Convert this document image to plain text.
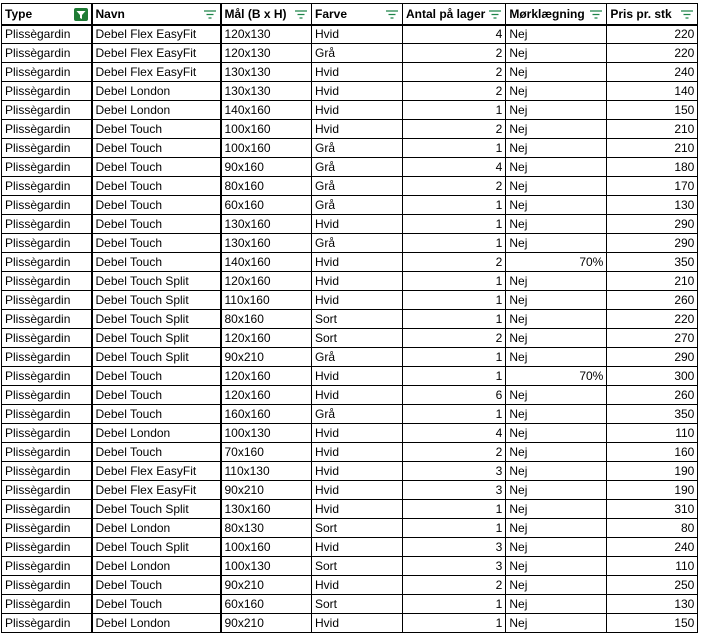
Type	Navn	Mål (B x H)	Farve	Antal på lager	Mørklægning	Pris pr. stk

Plissègardin	Debel Flex EasyFit	120x130	Hvid	4	Nej	220
Plissègardin	Debel Flex EasyFit	120x130	Grå	2	Nej	220
Plissègardin	Debel Flex EasyFit	130x130	Hvid	2	Nej	240
Plissègardin	Debel London	130x130	Hvid	2	Nej	140
Plissègardin	Debel London	140x160	Hvid	1	Nej	150
Plissègardin	Debel Touch	100x160	Hvid	2	Nej	210
Plissègardin	Debel Touch	100x160	Grå	1	Nej	210
Plissègardin	Debel Touch	90x160	Grå	4	Nej	180
Plissègardin	Debel Touch	80x160	Grå	2	Nej	170
Plissègardin	Debel Touch	60x160	Grå	1	Nej	130
Plissègardin	Debel Touch	130x160	Hvid	1	Nej	290
Plissègardin	Debel Touch	130x160	Grå	1	Nej	290
Plissègardin	Debel Touch	140x160	Hvid	2	70%	350
Plissègardin	Debel Touch Split	120x160	Hvid	1	Nej	210
Plissègardin	Debel Touch Split	110x160	Hvid	1	Nej	260
Plissègardin	Debel Touch Split	80x160	Sort	1	Nej	220
Plissègardin	Debel Touch Split	120x160	Sort	2	Nej	270
Plissègardin	Debel Touch Split	90x210	Grå	1	Nej	290
Plissègardin	Debel Touch	120x160	Hvid	1	70%	300
Plissègardin	Debel Touch	120x160	Hvid	6	Nej	260
Plissègardin	Debel Touch	160x160	Grå	1	Nej	350
Plissègardin	Debel London	100x130	Hvid	4	Nej	110
Plissègardin	Debel Touch	70x160	Hvid	2	Nej	160
Plissègardin	Debel Flex EasyFit	110x130	Hvid	3	Nej	190
Plissègardin	Debel Flex EasyFit	90x210	Hvid	3	Nej	190
Plissègardin	Debel Touch Split	130x160	Hvid	1	Nej	310
Plissègardin	Debel London	80x130	Sort	1	Nej	80
Plissègardin	Debel Touch Split	100x160	Hvid	3	Nej	240
Plissègardin	Debel London	100x130	Sort	3	Nej	110
Plissègardin	Debel Touch	90x210	Hvid	2	Nej	250
Plissègardin	Debel Touch	60x160	Sort	1	Nej	130
Plissègardin	Debel London	90x210	Hvid	1	Nej	150
